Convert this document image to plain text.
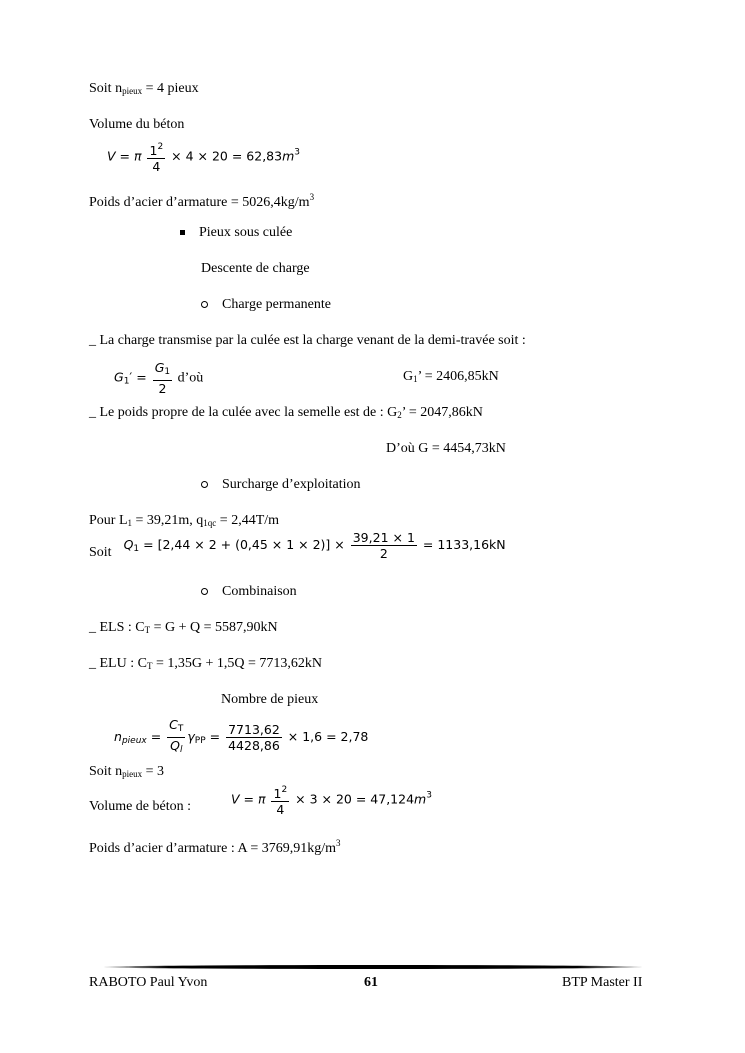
Soit $n_{pieux} = 4$ pieux
Volume du béton
V = π $\frac{1^2}{4} \times 4 \times 20 = 62,83m^3$
Poids d’acier d’armature = $5026,4kg/m^3$
Pieux sous culée
Descente de charge
Charge permanente
_ La charge transmise par la culée est la charge venant de la demi-travée soit :
$G_1' = \frac{G_1}{2}$ d’où	$G_1$’ = 2406,85kN
_ Le poids propre de la culée avec la semelle est de : $G_2$’ = 2047,86kN
D’où G = 4454,73kN
Surcharge d’exploitation
Pour $L_1 = 39,21m$, $q_{1qc} = 2,44T/m$
SoitQ$_1$ = $[2,44 \times 2 + (0,45 \times 1 \times 2)] \times \frac{39,21 \times 1}{2} = 1133,16kN$
Combinaison
_ ELS : $C_T = G + Q = 5587,90kN$
_ ELU : $C_T = 1,35G + 1,5Q = 7713,62kN$
Nombre de pieux
$n_{pieux} = \frac{C_T}{Q_l} \gamma_{PP} = \frac{7713,62}{4428,86} \times 1,6 = 2,78$
Soit $n_{pieux} = 3$
Volume de béton :	V = π $\frac{1^2}{4} \times 3 \times 20 = 47,124m^3$
Poids d’acier d’armature : $A = 3769,91kg/m^3$
RABOTO Paul Yvon	61	BTP Master II
